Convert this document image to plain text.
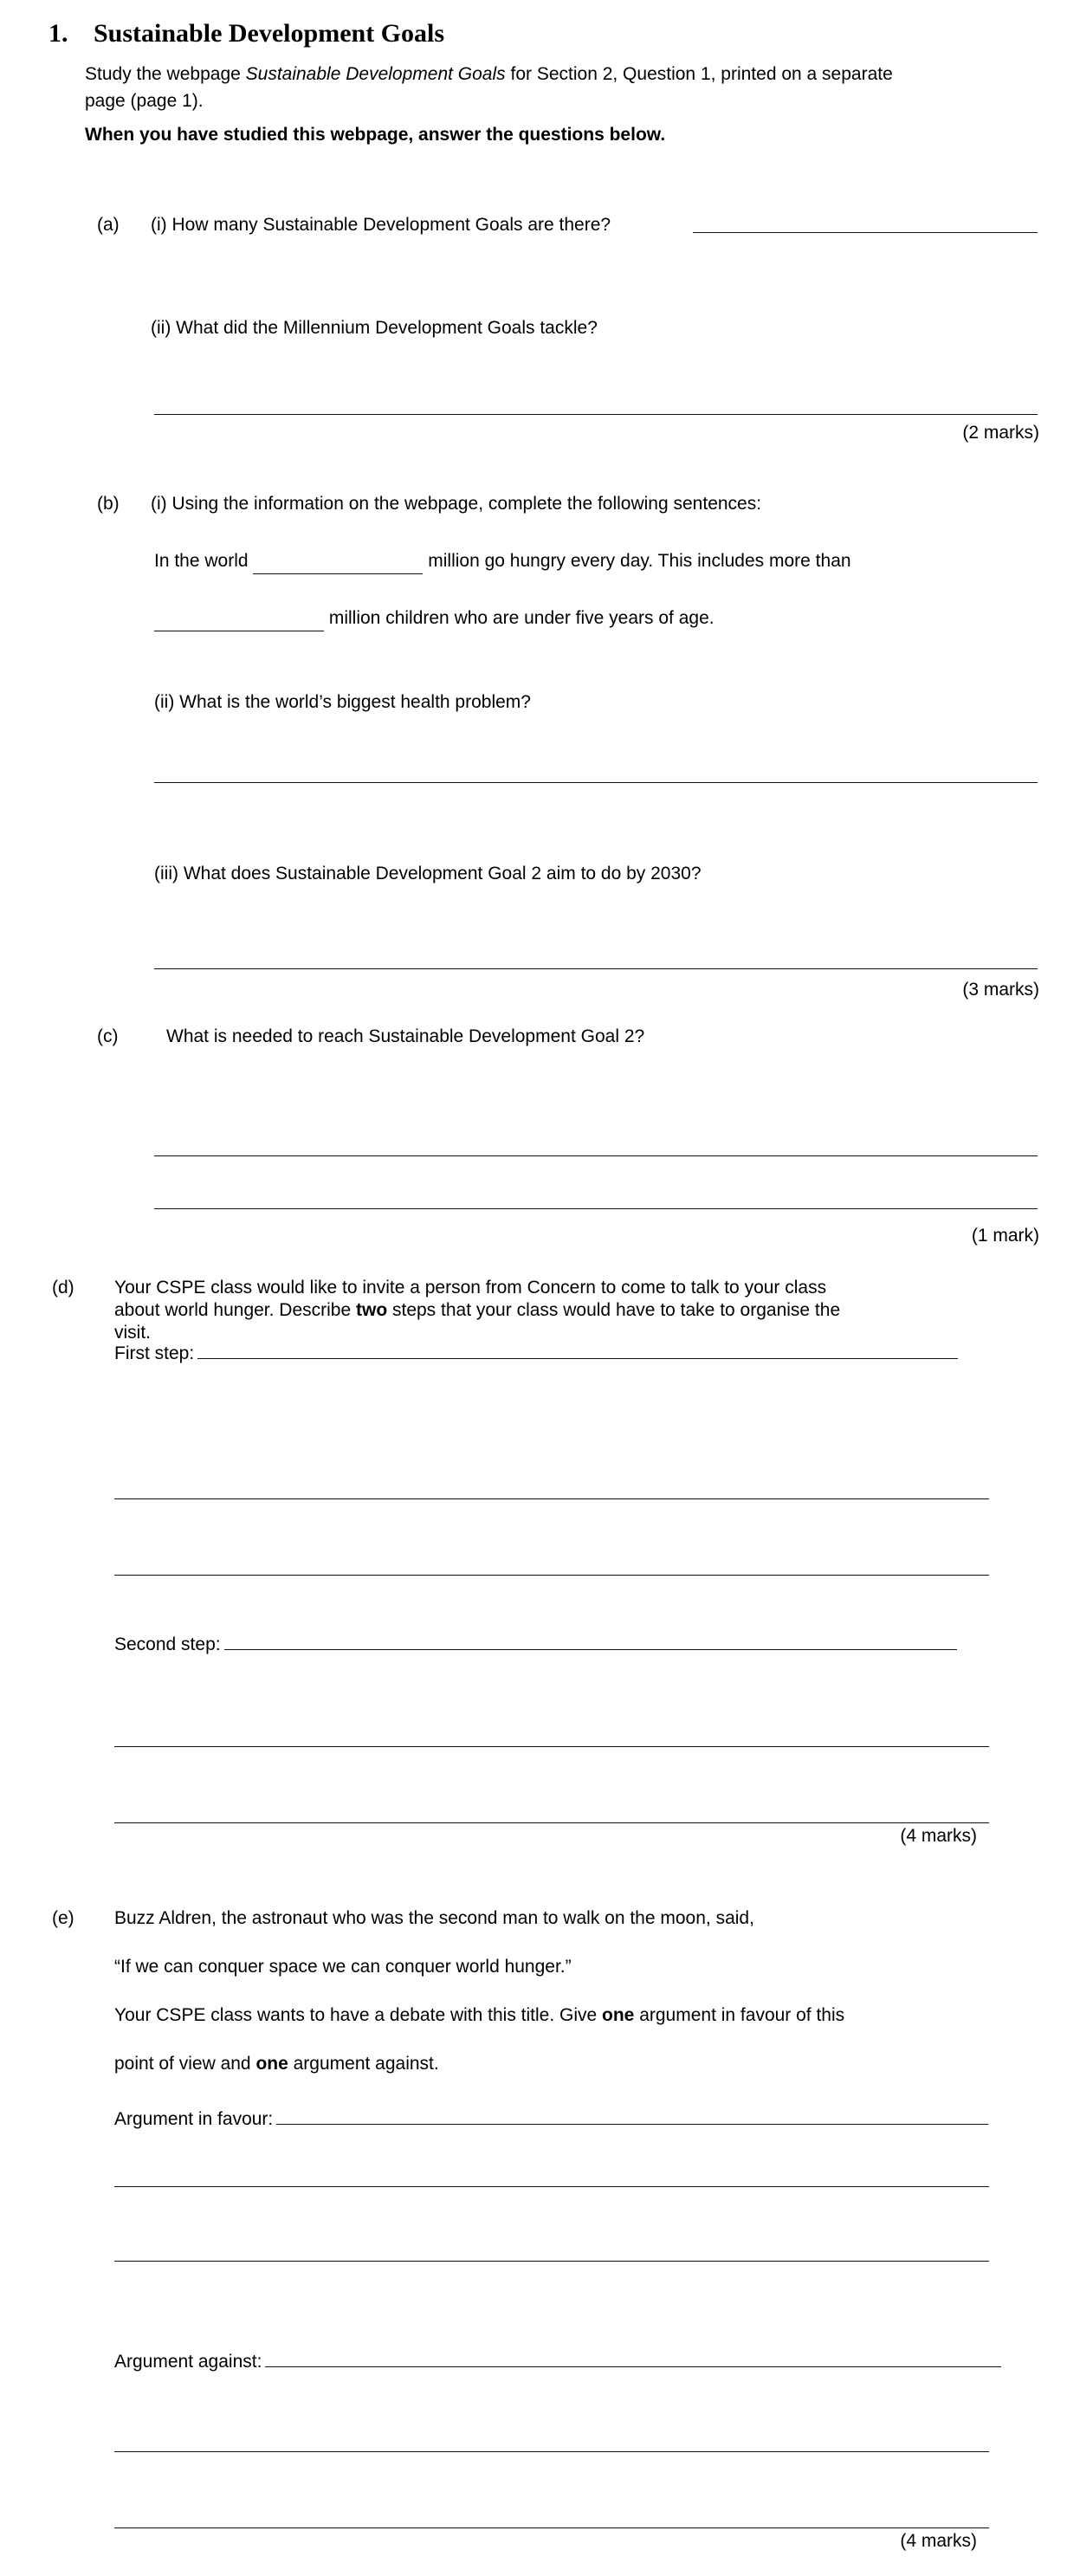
1. Sustainable Development Goals
Study the webpage Sustainable Development Goals for Section 2, Question 1, printed on a separate
page (page 1).
When you have studied this webpage, answer the questions below.
(a)	(i) How many Sustainable Development Goals are there?
(ii) What did the Millennium Development Goals tackle?
(2 marks)
(b)	(i) Using the information on the webpage, complete the following sentences:
In the world	million go hungry every day. This includes more than
million children who are under five years of age.
(ii) What is the world’s biggest health problem?
(iii) What does Sustainable Development Goal 2 aim to do by 2030?
(3 marks)
(c)	What is needed to reach Sustainable Development Goal 2?
(1 mark)
(d)	Your CSPE class would like to invite a person from Concern to come to talk to your class
about world hunger. Describe two steps that your class would have to take to organise the
visit.
First step:
Second step:
(4 marks)
(e)	Buzz Aldren, the astronaut who was the second man to walk on the moon, said,
“If we can conquer space we can conquer world hunger.”
Your CSPE class wants to have a debate with this title. Give one argument in favour of this
point of view and one argument against.
Argument in favour:
Argument against:
(4 marks)
